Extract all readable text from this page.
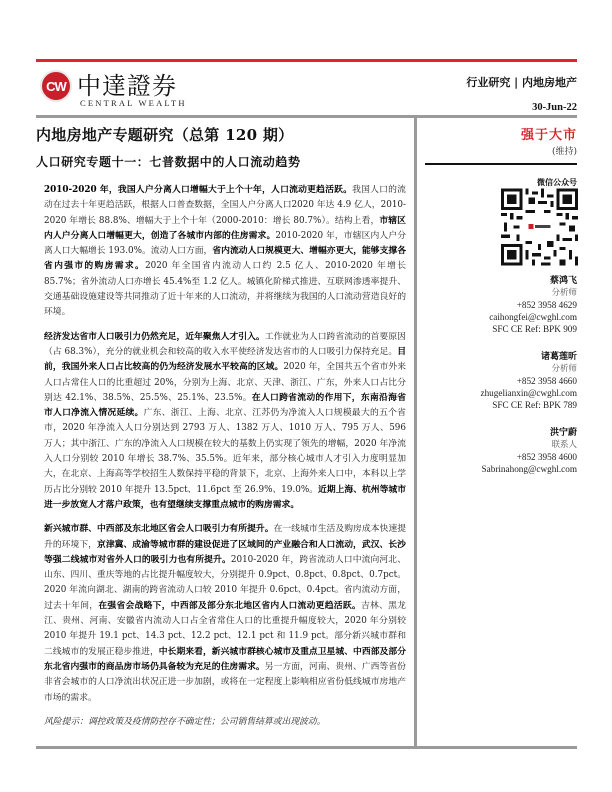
CW 中達證券
CENTRAL WEALTH
行业研究 | 内地房地产
30-Jun-22
内地房地产专题研究（总第 120 期）
人口研究专题十一：七普数据中的人口流动趋势

2010-2020 年，我国人户分离人口增幅大于上个十年，人口流动更趋活跃。我国人口的流动在过去十年更趋活跃，根据人口普查数据，全国人户分离人口2020 年达 4.9 亿人，2010-2020 年增长 88.8%、增幅大于上个十年（2000-2010：增长 80.7%）。结构上看，市辖区内人户分离人口增幅更大，创造了各城市内部的住房需求。2010-2020 年，市辖区内人户分离人口大幅增长 193.0%。流动人口方面，省内流动人口规模更大、增幅亦更大，能够支撑各省内强市的购房需求。2020 年全国省内流动人口约 2.5 亿人、2010-2020 年增长 85.7%；省外流动人口亦增长 45.4%至 1.2 亿人。城镇化阶梯式推进、互联网渗透率提升、交通基础设施建设等共同推动了近十年来的人口流动，并将继续为我国的人口流动营造良好的环境。

经济发达省市人口吸引力仍然充足，近年聚焦人才引入。工作就业为人口跨省流动的首要原因（占 68.3%），充分的就业机会和较高的收入水平使经济发达省市的人口吸引力保持充足。目前，我国外来人口占比较高的仍为经济发展水平较高的区域。2020 年，全国共五个省市外来人口占常住人口的比重超过 20%，分别为上海、北京、天津、浙江、广东，外来人口占比分别达 42.1%、38.5%、25.5%、25.1%、23.5%。在人口跨省流动的作用下，东南沿海省市人口净流入情况延续。广东、浙江、上海、北京、江苏仍为净流入人口规模最大的五个省市，2020 年净流入人口分别达到 2793 万人、1382 万人、1010 万人、795 万人、596 万人；其中浙江、广东的净流入人口规模在较大的基数上仍实现了领先的增幅，2020 年净流入人口分别较 2010 年增长 38.7%、35.5%。近年来，部分核心城市人才引入力度明显加大，在北京、上海高等学校招生人数保持平稳的背景下，北京、上海外来人口中，本科以上学历占比分别较 2010 年提升 13.5pct、11.6pct 至 26.9%、19.0%。近期上海、杭州等城市进一步放宽人才落户政策，也有望继续支撑重点城市的购房需求。

新兴城市群、中西部及东北地区省会人口吸引力有所提升。在一线城市生活及购房成本快速提升的环境下，京津冀、成渝等城市群的建设促进了区域间的产业融合和人口流动，武汉、长沙等强二线城市对省外人口的吸引力也有所提升。2010-2020 年，跨省流动人口中流向河北、山东、四川、重庆等地的占比提升幅度较大，分别提升 0.9pct、0.8pct、0.8pct、0.7pct。2020 年流向湖北、湖南的跨省流动人口较 2010 年提升 0.6pct、0.4pct。省内流动方面，过去十年间，在强省会战略下，中西部及部分东北地区省内人口流动更趋活跃。吉林、黑龙江、贵州、河南、安徽省内流动人口占全省常住人口的比重提升幅度较大，2020 年分别较 2010 年提升 19.1 pct、14.3 pct、12.2 pct、12.1 pct 和 11.9 pct。部分新兴城市群和二线城市的发展正稳步推进，中长期来看，新兴城市群核心城市及重点卫星城、中西部及部分东北省内强市的商品房市场仍具备较为充足的住房需求。另一方面，河南、贵州、广西等省份非省会城市的人口净流出状况正进一步加剧，或将在一定程度上影响相应省份低线城市房地产市场的需求。

风险提示：调控政策及疫情防控存不确定性；公司销售结算或出现波动。

强于大市
(维持)
微信公众号
蔡鸿飞
分析师
+852 3958 4629
caihongfei@cwghl.com
SFC CE Ref: BPK 909
诸葛莲昕
分析师
+852 3958 4660
zhugelianxin@cwghl.com
SFC CE Ref: BPK 789
洪宁蔚
联系人
+852 3958 4600
Sabrinahong@cwghl.com
